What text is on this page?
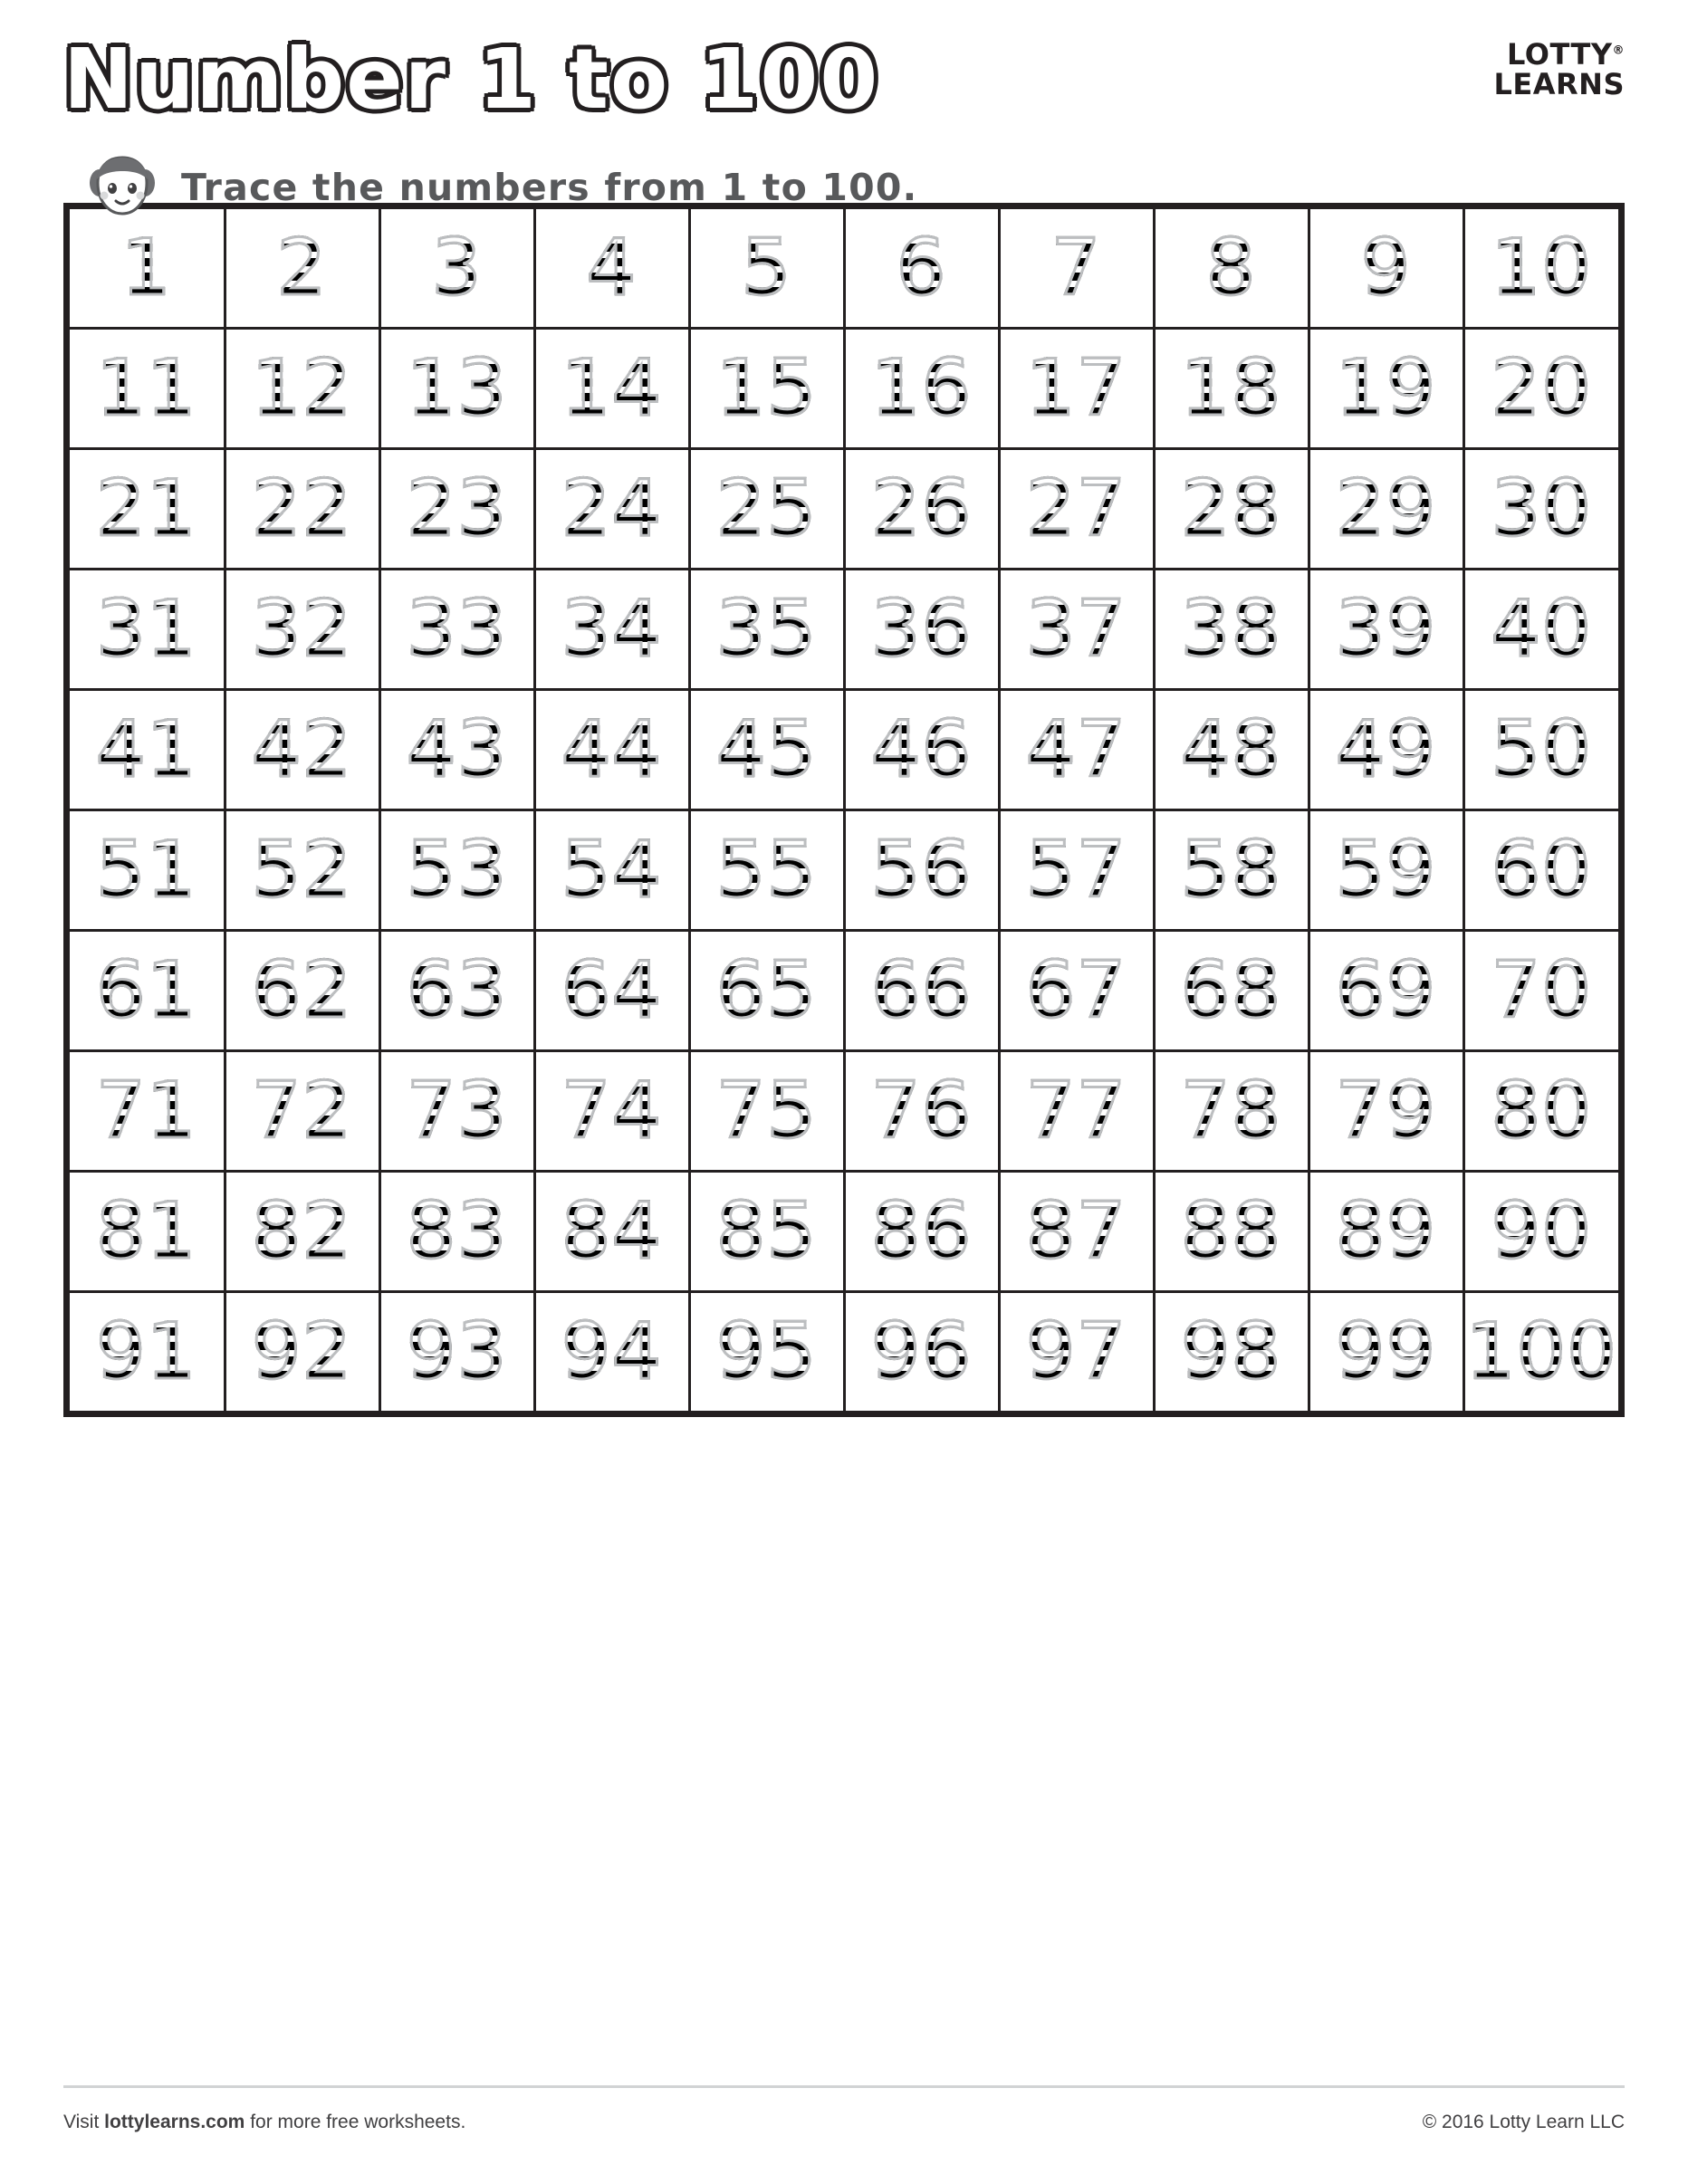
Number 1 to 100	LOTTY®
LEARNS
Trace the numbers from 1 to 100.
1	2	3	4	5	6	7	8	9	10
11	12	13	14	15	16	17	18	19	20
21	22	23	24	25	26	27	28	29	30
31	32	33	34	35	36	37	38	39	40
41	42	43	44	45	46	47	48	49	50
51	52	53	54	55	56	57	58	59	60
61	62	63	64	65	66	67	68	69	70
71	72	73	74	75	76	77	78	79	80
81	82	83	84	85	86	87	88	89	90
91	92	93	94	95	96	97	98	99	100
Visit lottylearns.com for more free worksheets.	© 2016 Lotty Learn LLC
